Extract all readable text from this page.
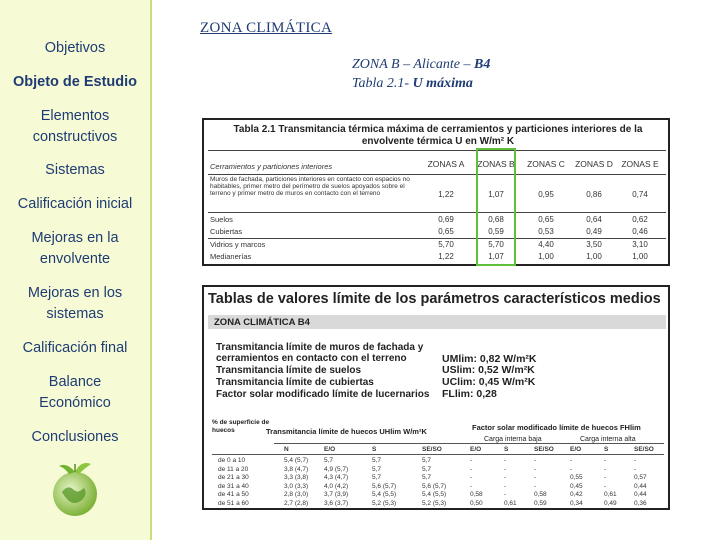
Objetivos
Objeto de Estudio
Elementos
constructivos
Sistemas
Calificación inicial
Mejoras en la
envolvente
Mejoras en los
sistemas
Calificación final
Balance
Económico
Conclusiones
ZONA CLIMÁTICA
ZONA B – Alicante – B4
Tabla 2.1- U máxima
Tabla 2.1 Transmitancia térmica máxima de cerramientos y particiones interiores de la envolvente térmica U en W/m² K
Cerramientos y particiones interiores	ZONAS A ZONAS B ZONAS C ZONAS D ZONAS E
Muros de fachada, particiones interiores en contacto con espacios no habitables, primer metro del perímetro de suelos apoyados sobre el terreno y primer metro de muros en contacto con el terreno	1,22	1,07	0,95	0,86	0,74
Suelos	0,69	0,68	0,65	0,64	0,62
Cubiertas	0,65	0,59	0,53	0,49	0,46
Vidrios y marcos	5,70	5,70	4,40	3,50	3,10
Medianerías	1,22	1,07	1,00	1,00	1,00
Tablas de valores límite de los parámetros característicos medios
ZONA CLIMÁTICA B4
Transmitancia límite de muros de fachada y cerramientos en contacto con el terreno	UMlim: 0,82 W/m²K
Transmitancia límite de suelos	USlim: 0,52 W/m²K
Transmitancia límite de cubiertas	UClim: 0,45 W/m²K
Factor solar modificado límite de lucernarios FLlim: 0,28
% de superficie de huecos	Transmitancia límite de huecos UHlim W/m²K	Factor solar modificado límite de huecos FHlim
Carga interna baja	Carga interna alta
N	E/O	S	SE/SO	E/O	S	SE/SO	E/O	S	SE/SO
de 0 a 10	5,4 (5,7)	5,7	5,7	5,7	-	-	-	-	-	-
de 11 a 20	3,8 (4,7)	4,9 (5,7)	5,7	5,7	-	-	-	-	-	-
de 21 a 30	3,3 (3,8)	4,3 (4,7)	5,7	5,7	-	-	-	0,55	-	0,57
de 31 a 40	3,0 (3,3)	4,0 (4,2)	5,6 (5,7)	5,6 (5,7)	-	-	-	0,45	-	0,44
de 41 a 50	2,8 (3,0)	3,7 (3,9)	5,4 (5,5)	5,4 (5,5)	0,58	-	0,58	0,42	0,61	0,44
de 51 a 60	2,7 (2,8)	3,6 (3,7)	5,2 (5,3)	5,2 (5,3)	0,50	0,61	0,59	0,34	0,49	0,36
